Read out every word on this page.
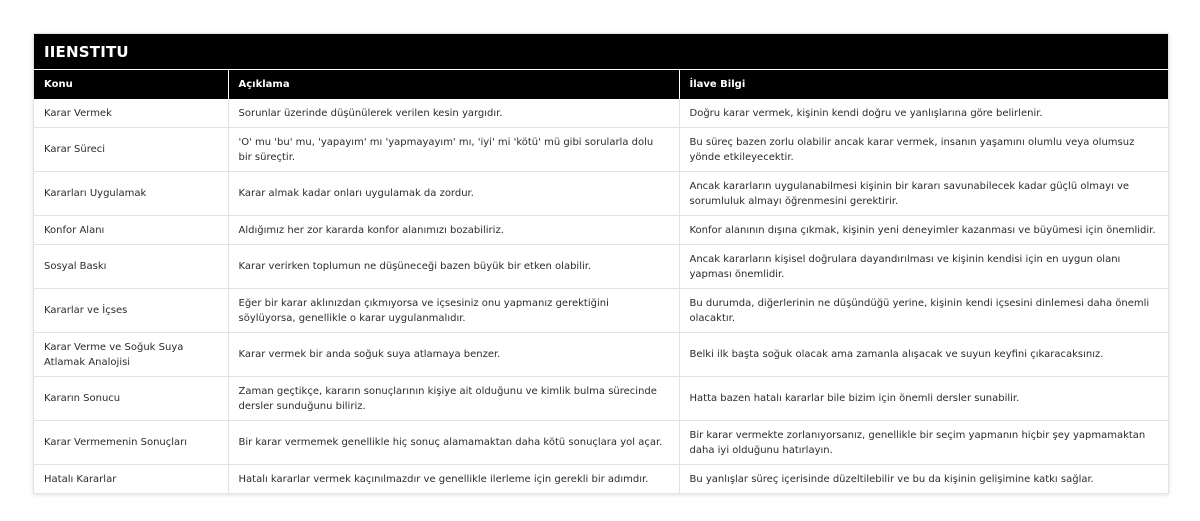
IIENSTITU
Konu	Açıklama	İlave Bilgi
Karar Vermek	Sorunlar üzerinde düşünülerek verilen kesin yargıdır.	Doğru karar vermek, kişinin kendi doğru ve yanlışlarına göre belirlenir.
Karar Süreci	'O' mu 'bu' mu, 'yapayım' mı 'yapmayayım' mı, 'iyi' mi 'kötü' mü gibi sorularla dolu bir süreçtir.	Bu süreç bazen zorlu olabilir ancak karar vermek, insanın yaşamını olumlu veya olumsuz yönde etkileyecektir.
Kararları Uygulamak	Karar almak kadar onları uygulamak da zordur.	Ancak kararların uygulanabilmesi kişinin bir kararı savunabilecek kadar güçlü olmayı ve sorumluluk almayı öğrenmesini gerektirir.
Konfor Alanı	Aldığımız her zor kararda konfor alanımızı bozabiliriz.	Konfor alanının dışına çıkmak, kişinin yeni deneyimler kazanması ve büyümesi için önemlidir.
Sosyal Baskı	Karar verirken toplumun ne düşüneceği bazen büyük bir etken olabilir.	Ancak kararların kişisel doğrulara dayandırılması ve kişinin kendisi için en uygun olanı yapması önemlidir.
Kararlar ve İçses	Eğer bir karar aklınızdan çıkmıyorsa ve içsesiniz onu yapmanız gerektiğini söylüyorsa, genellikle o karar uygulanmalıdır.	Bu durumda, diğerlerinin ne düşündüğü yerine, kişinin kendi içsesini dinlemesi daha önemli olacaktır.
Karar Verme ve Soğuk Suya Atlamak Analojisi	Karar vermek bir anda soğuk suya atlamaya benzer.	Belki ilk başta soğuk olacak ama zamanla alışacak ve suyun keyfini çıkaracaksınız.
Kararın Sonucu	Zaman geçtikçe, kararın sonuçlarının kişiye ait olduğunu ve kimlik bulma sürecinde dersler sunduğunu biliriz.	Hatta bazen hatalı kararlar bile bizim için önemli dersler sunabilir.
Karar Vermemenin Sonuçları	Bir karar vermemek genellikle hiç sonuç alamamaktan daha kötü sonuçlara yol açar.	Bir karar vermekte zorlanıyorsanız, genellikle bir seçim yapmanın hiçbir şey yapmamaktan daha iyi olduğunu hatırlayın.
Hatalı Kararlar	Hatalı kararlar vermek kaçınılmazdır ve genellikle ilerleme için gerekli bir adımdır.	Bu yanlışlar süreç içerisinde düzeltilebilir ve bu da kişinin gelişimine katkı sağlar.
